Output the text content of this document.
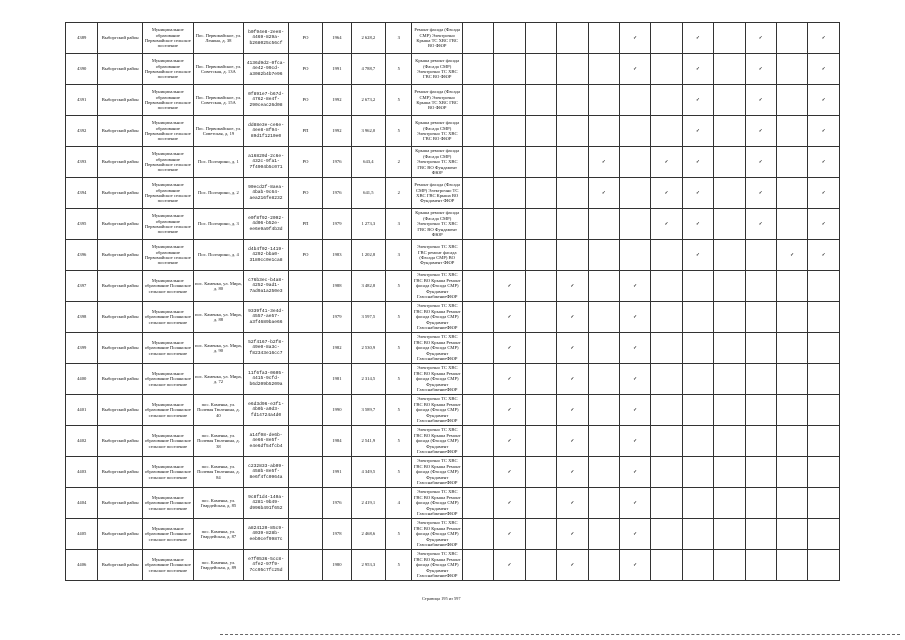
4389	Выборгский район	Муниципальное образование Первомайское сельское поселение	Пос. Первомайское, ул. Ленина, д. 38	b0f94e8-2ee8-4469-829a-b268025c56cf	РО	1964	2 628,2	3	Ремонт фасада (Фасада СМР) Электрочно Крыша ТС ХВС ГВС ВО ФЮР						✓		✓		✓		✓
4390	Выборгский район	Муниципальное образование Первомайское сельское поселение	Пос. Первомайское, ул. Советская, д. 13А	4136d9d2-0fca-4e42-99cd-a3082b4b7e96	РО	1991	4 788,7	5	Крыша ремонт фасада (Фасада СМР) Электрочно ТС ХВС ГВС ВО ФЮР						✓		✓		✓		✓
4391	Выборгский район	Муниципальное образование Первомайское сельское поселение	Пос. Первомайское, ул. Советская, д. 15А	0f891e7-b67d-4762-8e4f-290ceac26d08	РО	1992	2 673,2	5	Ремонт фасада (Фасада СМР) Электрочно Крыша ТС ХВС ГВС ВО ФЮР								✓		✓		✓
4392	Выборгский район	Муниципальное образование Первомайское сельское поселение	Пос. Первомайское, ул. Советская, д. 19	dd88e3e-ce6e-4ee8-8f94-89d1f1210e0	РП	1992	3 962,0	5	Крыша ремонт фасада (Фасада СМР) Электрочно ТС ХВС ГВС ВО ФЮР								✓		✓		✓
4393	Выборгский район	Муниципальное образование Первомайское сельское поселение	Пос. Полтарино, д. 1	a16820d-2c6e-432c-9fa1-7f4904b5c071	РО	1976	643,4	2	Крыша ремонт фасада (Фасада СМР) Электрочно ТС ХВС ГВС ВО Фундамент ФЮР					✓		✓	✓		✓		✓
4394	Выборгский район	Муниципальное образование Первомайское сельское поселение	Пос. Полтарино, д. 2	90ecd2f-8aea-4bab-9c64-aea216fe8232	РО	1976	641,5	2	Ремонт фасада (Фасада СМР) Электрочно ТС ХВС ГВС Крыша ВО Фундамент ФЮР					✓		✓	✓		✓		✓
4395	Выборгский район	Муниципальное образование Первомайское сельское поселение	Пос. Полтарино, д. 3	e0f8f92-2092-4d06-b52e-ee6e9a9f4b3d	РП	1979	1 273,3	3	Крыша ремонт фасада (Фасада СМР) Электрочно ТС ХВС ГВС ВО Фундамент ФЮР							✓	✓		✓		✓
4396	Выборгский район	Муниципальное образование Первомайское сельское поселение	Пос. Полтарино, д. 4	d4b4f02-1419-4292-bba0-3189cc0e1ca8	РО	1983	1 202,8	3	Электрочно ТС ХВС ГВС ремонт фасада (Фасада СМР) ВО Фундамент ФЮР								✓			✓	✓
4397	Выборгский район	Муниципальное образование Полянское сельское поселение	пос. Каменка, ул. Мира, д. 80	c76b3ec-b4a8-4252-9ad1-7ad9a1a250e3		1988	3 482,8	5	Электрочно ТС ХВС ГВС ВО Крыша Ремонт фасада (Фасада СМР) Фундамент ГазоснабжениеФЮР		✓		✓		✓						
4398	Выборгский район	Муниципальное образование Полянское сельское поселение	пос. Каменка, ул. Мира, д. 88	9339f41-3e4d-4557-ae57-a3f4689bae66		1979	3 597,5	5	Электрочно ТС ХВС ГВС ВО Крыша Ремонт фасада (Фасада СМР) Фундамент ГазоснабжениеФЮР		✓		✓		✓						
4399	Выборгский район	Муниципальное образование Полянское сельское поселение	пос. Каменка, ул. Мира, д. 90	52f4167-b2f8-49e0-8a3c-f82343e16cc7		1982	2 530,9	5	Электрочно ТС ХВС ГВС ВО Крыша Ремонт фасада (Фасада СМР) Фундамент ГазоснабжениеФЮР		✓		✓		✓						
4400	Выборгский район	Муниципальное образование Полянское сельское поселение	пос. Каменка, ул. Мира, д. 72	11f6fa3-0605-4415-9cfd-b6d209b5209a		1981	2 314,5	5	Электрочно ТС ХВС ГВС ВО Крыша Ремонт фасада (Фасада СМР) Фундамент ГазоснабжениеФЮР		✓		✓		✓						
4401	Выборгский район	Муниципальное образование Полянское сельское поселение	пос. Каменка, ул. Полевая Тюленина, д. 40	e6d3d96-e3f1-4b0b-a0d3-fd14724a4d0		1990	3 589,7	5	Электрочно ТС ХВС ГВС ВО Крыша Ремонт фасада (Фасада СМР) Фундамент ГазоснабжениеФЮР		✓		✓		✓						
4402	Выборгский район	Муниципальное образование Полянское сельское поселение	пос. Каменка, ул. Полевая Тюленина, д. 38	a14f08-de6b-4e66-8e5f-e4e6df54fcb4		1984	2 541,9	5	Электрочно ТС ХВС ГВС ВО Крыша Ремонт фасада (Фасада СМР) Фундамент ГазоснабжениеФЮР		✓		✓		✓						
4403	Выборгский район	Муниципальное образование Полянское сельское поселение	пос. Каменка, ул. Полевая Тюленина, д. 84	c232833-ab09-458b-8e5f-8e6f4fc0964a		1991	4 349,5	5	Электрочно ТС ХВС ГВС ВО Крыша Ремонт фасада (Фасада СМР) Фундамент ГазоснабжениеФЮР		✓		✓		✓						
4404	Выборгский район	Муниципальное образование Полянское сельское поселение	пос. Каменка, ул. Гвардейская, д. 85	9c8f1d4-140a-4281-9b49-d996b491f652		1976	2 419,1	4	Электрочно ТС ХВС ГВС ВО Крыша Ремонт фасада (Фасада СМР) Фундамент ГазоснабжениеФЮР		✓		✓		✓						
4405	Выборгский район	Муниципальное образование Полянское сельское поселение	пос. Каменка, ул. Гвардейская, д. 87	a824120-85c9-4039-828b-eeb9cef9987c		1978	2 468,6	5	Электрочно ТС ХВС ГВС ВО Крыша Ремонт фасада (Фасада СМР) Фундамент ГазоснабжениеФЮР		✓		✓		✓						
4406	Выборгский район	Муниципальное образование Полянское сельское поселение	пос. Каменка, ул. Гвардейская, д. 89	e7f0536-5cc8-4fe2-97f9-7cc95c7fc25d		1980	2 953,3	5	Электрочно ТС ХВС ГВС ВО Крыша Ремонт фасада (Фасада СМР) Фундамент ГазоснабжениеФЮР		✓		✓		✓						
Страница 195 из 597
